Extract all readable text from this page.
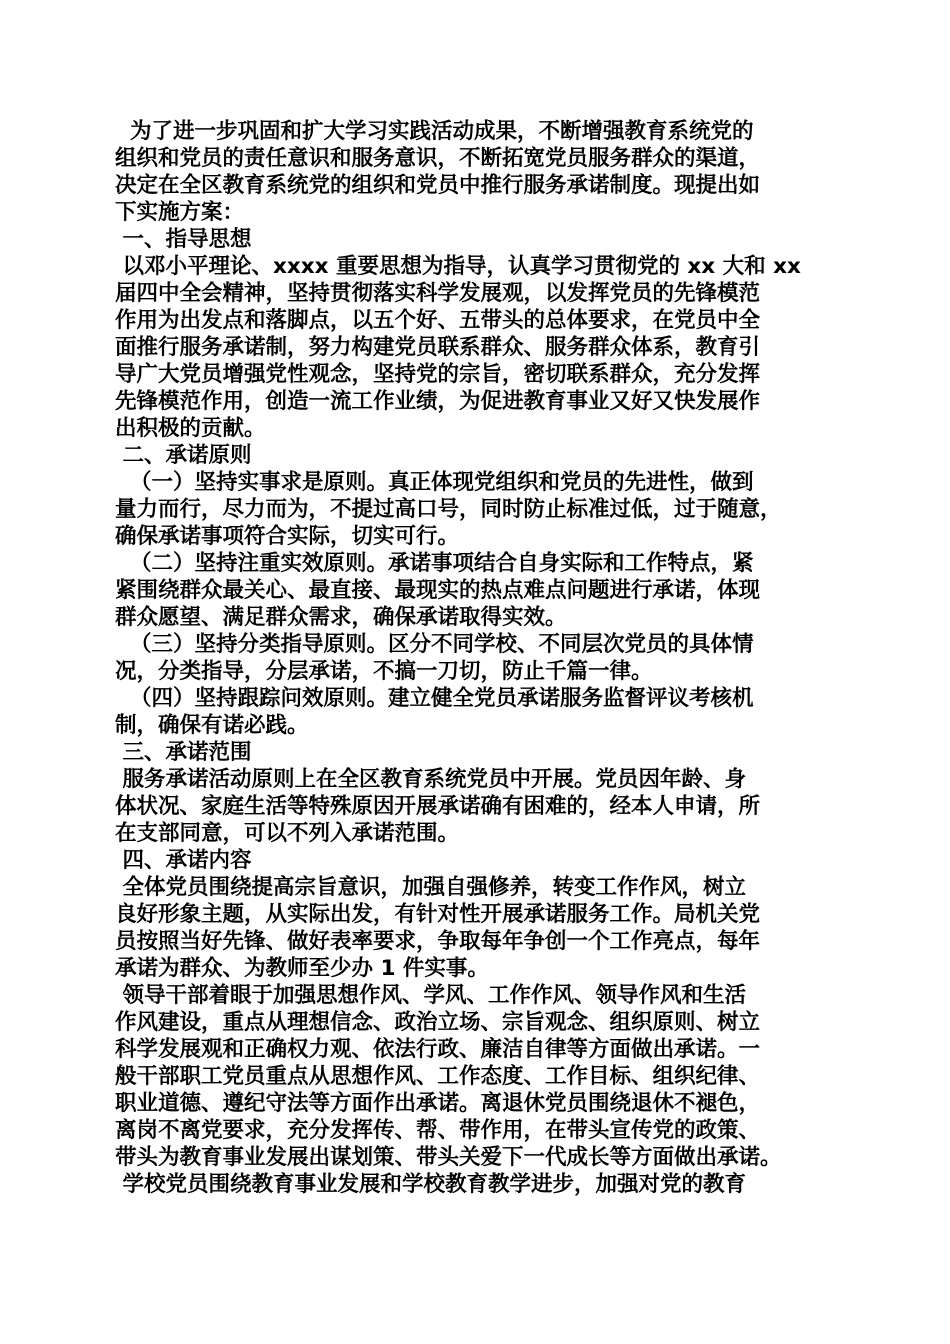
为了进一步巩固和扩大学习实践活动成果，不断增强教育系统党的
组织和党员的责任意识和服务意识，不断拓宽党员服务群众的渠道，
决定在全区教育系统党的组织和党员中推行服务承诺制度。现提出如
下实施方案：
一、指导思想
以邓小平理论、xxxx 重要思想为指导，认真学习贯彻党的 xx 大和 xx
届四中全会精神，坚持贯彻落实科学发展观，以发挥党员的先锋模范
作用为出发点和落脚点，以五个好、五带头的总体要求，在党员中全
面推行服务承诺制，努力构建党员联系群众、服务群众体系，教育引
导广大党员增强党性观念，坚持党的宗旨，密切联系群众，充分发挥
先锋模范作用，创造一流工作业绩，为促进教育事业又好又快发展作
出积极的贡献。
二、承诺原则
（一）坚持实事求是原则。真正体现党组织和党员的先进性，做到
量力而行，尽力而为，不提过高口号，同时防止标准过低，过于随意，
确保承诺事项符合实际，切实可行。
（二）坚持注重实效原则。承诺事项结合自身实际和工作特点，紧
紧围绕群众最关心、最直接、最现实的热点难点问题进行承诺，体现
群众愿望、满足群众需求，确保承诺取得实效。
（三）坚持分类指导原则。区分不同学校、不同层次党员的具体情
况，分类指导，分层承诺，不搞一刀切，防止千篇一律。
（四）坚持跟踪问效原则。建立健全党员承诺服务监督评议考核机
制，确保有诺必践。
三、承诺范围
服务承诺活动原则上在全区教育系统党员中开展。党员因年龄、身
体状况、家庭生活等特殊原因开展承诺确有困难的，经本人申请，所
在支部同意，可以不列入承诺范围。
四、承诺内容
全体党员围绕提高宗旨意识，加强自强修养，转变工作作风，树立
良好形象主题，从实际出发，有针对性开展承诺服务工作。局机关党
员按照当好先锋、做好表率要求，争取每年争创一个工作亮点，每年
承诺为群众、为教师至少办 1 件实事。
领导干部着眼于加强思想作风、学风、工作作风、领导作风和生活
作风建设，重点从理想信念、政治立场、宗旨观念、组织原则、树立
科学发展观和正确权力观、依法行政、廉洁自律等方面做出承诺。一
般干部职工党员重点从思想作风、工作态度、工作目标、组织纪律、
职业道德、遵纪守法等方面作出承诺。离退休党员围绕退休不褪色，
离岗不离党要求，充分发挥传、帮、带作用，在带头宣传党的政策、
带头为教育事业发展出谋划策、带头关爱下一代成长等方面做出承诺。
学校党员围绕教育事业发展和学校教育教学进步，加强对党的教育
